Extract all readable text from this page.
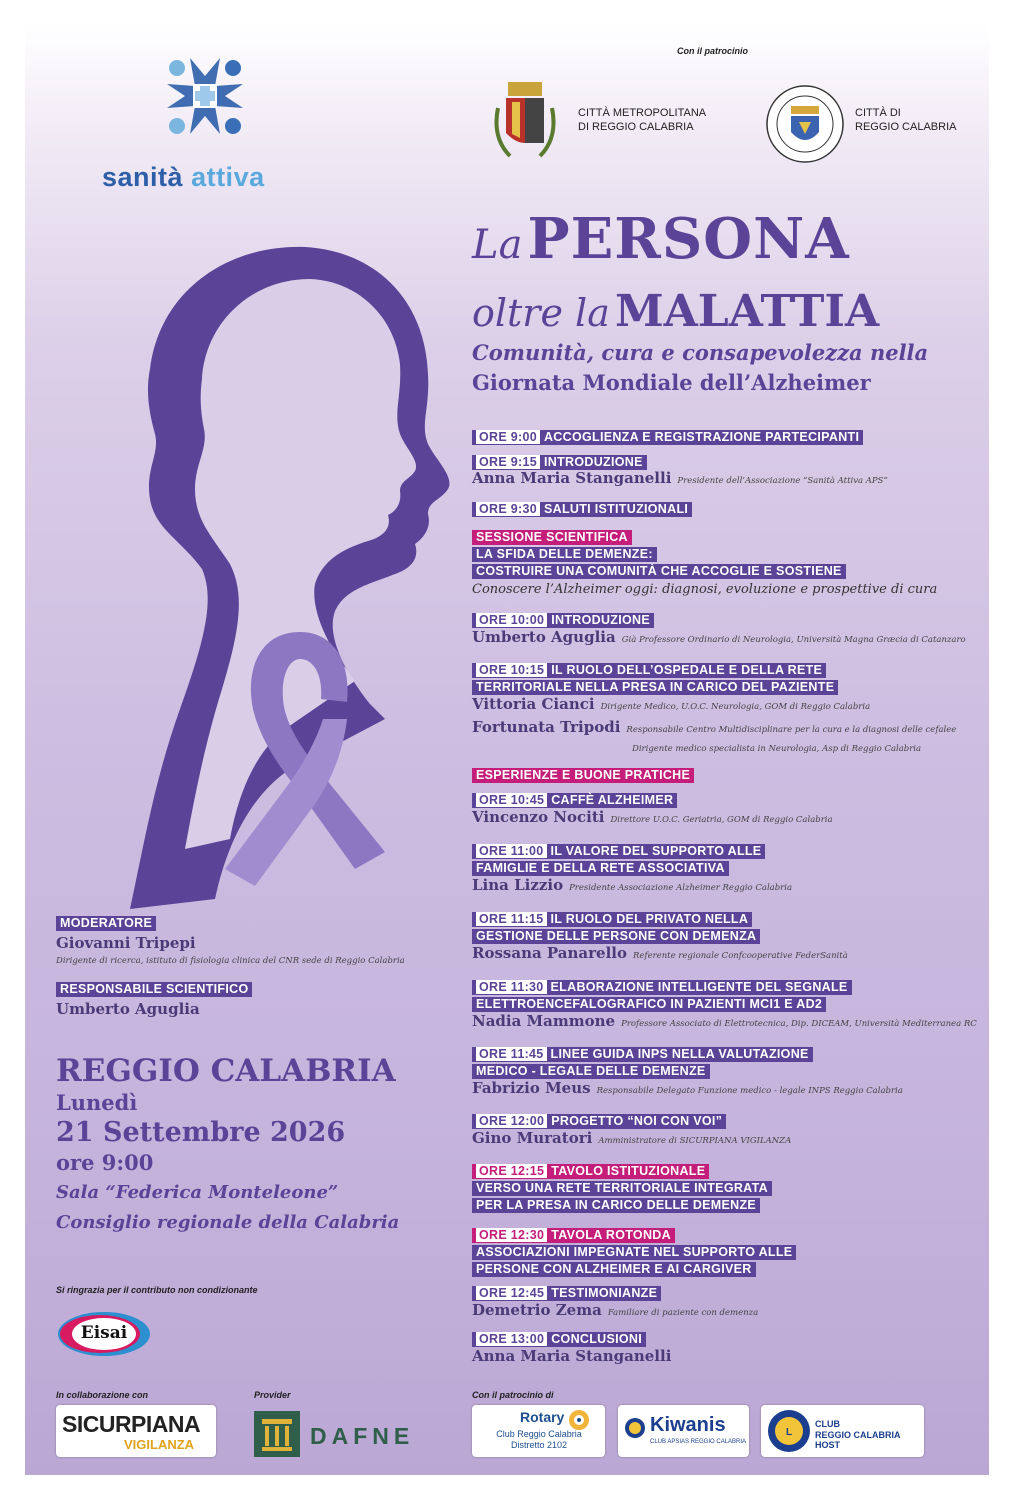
sanità attiva
Con il patrocinio
CITTÀ METROPOLITANA
DI REGGIO CALABRIA
CITTÀ DI
REGGIO CALABRIA
La PERSONA
oltre la MALATTIA
Comunità, cura e consapevolezza nella
Giornata Mondiale dell’Alzheimer
ORE 9:00 ACCOGLIENZA E REGISTRAZIONE PARTECIPANTI
ORE 9:15 INTRODUZIONE
Anna Maria Stanganelli Presidente dell’Associazione “Sanità Attiva APS”
ORE 9:30 SALUTI ISTITUZIONALI
SESSIONE SCIENTIFICA
LA SFIDA DELLE DEMENZE:
COSTRUIRE UNA COMUNITÀ CHE ACCOGLIE E SOSTIENE
Conoscere l’Alzheimer oggi: diagnosi, evoluzione e prospettive di cura
ORE 10:00 INTRODUZIONE
Umberto Aguglia Già Professore Ordinario di Neurologia, Università Magna Græcia di Catanzaro
ORE 10:15 IL RUOLO DELL’OSPEDALE E DELLA RETE
TERRITORIALE NELLA PRESA IN CARICO DEL PAZIENTE
Vittoria Cianci Dirigente Medico, U.O.C. Neurologia, GOM di Reggio Calabria
Fortunata Tripodi Responsabile Centro Multidisciplinare per la cura e la diagnosi delle cefalee
Dirigente medico specialista in Neurologia, Asp di Reggio Calabria
ESPERIENZE E BUONE PRATICHE
ORE 10:45 CAFFÈ ALZHEIMER
Vincenzo Nociti Direttore U.O.C. Geriatria, GOM di Reggio Calabria
ORE 11:00 IL VALORE DEL SUPPORTO ALLE
FAMIGLIE E DELLA RETE ASSOCIATIVA
Lina Lizzio Presidente Associazione Alzheimer Reggio Calabria
ORE 11:15 IL RUOLO DEL PRIVATO NELLA
GESTIONE DELLE PERSONE CON DEMENZA
Rossana Panarello Referente regionale Confcooperative FederSanità
ORE 11:30 ELABORAZIONE INTELLIGENTE DEL SEGNALE
ELETTROENCEFALOGRAFICO IN PAZIENTI MCI1 E AD2
Nadia Mammone Professore Associato di Elettrotecnica, Dip. DICEAM, Università Mediterranea RC
ORE 11:45 LINEE GUIDA INPS NELLA VALUTAZIONE
MEDICO - LEGALE DELLE DEMENZE
Fabrizio Meus Responsabile Delegato Funzione medico - legale INPS Reggio Calabria
ORE 12:00 PROGETTO “NOI CON VOI”
Gino Muratori Amministratore di SICURPIANA VIGILANZA
ORE 12:15 TAVOLO ISTITUZIONALE
VERSO UNA RETE TERRITORIALE INTEGRATA
PER LA PRESA IN CARICO DELLE DEMENZE
ORE 12:30 TAVOLA ROTONDA
ASSOCIAZIONI IMPEGNATE NEL SUPPORTO ALLE
PERSONE CON ALZHEIMER E AI CARGIVER
ORE 12:45 TESTIMONIANZE
Demetrio Zema Familiare di paziente con demenza
ORE 13:00 CONCLUSIONI
Anna Maria Stanganelli
MODERATORE
Giovanni Tripepi
Dirigente di ricerca, istituto di fisiologia clinica del CNR sede di Reggio Calabria
RESPONSABILE SCIENTIFICO
Umberto Aguglia
REGGIO CALABRIA
Lunedì
21 Settembre 2026
ore 9:00
Sala “Federica Monteleone”
Consiglio regionale della Calabria
Si ringrazia per il contributo non condizionante
Eisai
In collaborazione con
SICURPIANA
VIGILANZA
Provider
DAFNE
Con il patrocinio di
Rotary
Club Reggio Calabria
Distretto 2102
Kiwanis
CLUB APSIAS REGGIO CALABRIA
L
CLUB
REGGIO CALABRIA HOST
